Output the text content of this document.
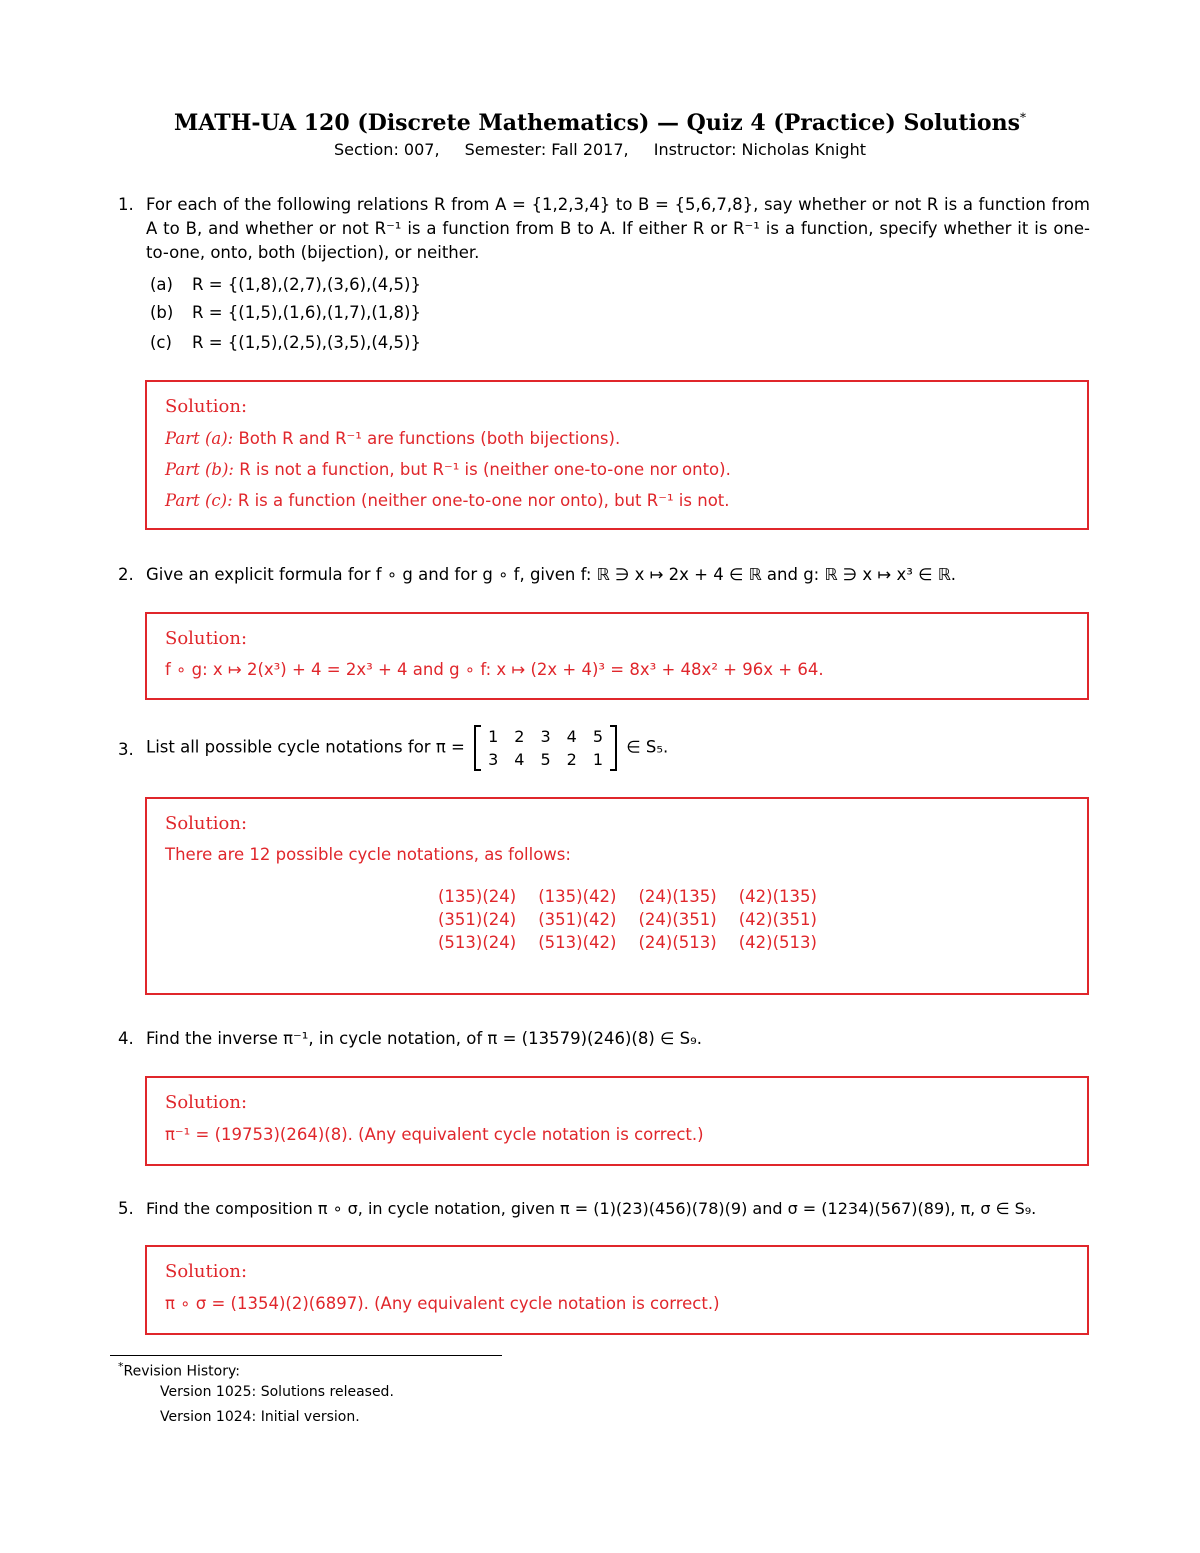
MATH-UA 120 (Discrete Mathematics) — Quiz 4 (Practice) Solutions*
Section: 007, Semester: Fall 2017, Instructor: Nicholas Knight
1. For each of the following relations R from A = {1,2,3,4} to B = {5,6,7,8}, say whether or not R is a function from A to B, and whether or not R⁻¹ is a function from B to A. If either R or R⁻¹ is a function, specify whether it is one-to-one, onto, both (bijection), or neither.
(a) R = {(1,8),(2,7),(3,6),(4,5)}
(b) R = {(1,5),(1,6),(1,7),(1,8)}
(c) R = {(1,5),(2,5),(3,5),(4,5)}
Solution:
Part (a): Both R and R⁻¹ are functions (both bijections).
Part (b): R is not a function, but R⁻¹ is (neither one-to-one nor onto).
Part (c): R is a function (neither one-to-one nor onto), but R⁻¹ is not.
2. Give an explicit formula for f ∘ g and for g ∘ f, given f: ℝ ∋ x ↦ 2x + 4 ∈ ℝ and g: ℝ ∋ x ↦ x³ ∈ ℝ.
Solution:
f ∘ g: x ↦ 2(x³) + 4 = 2x³ + 4 and g ∘ f: x ↦ (2x + 4)³ = 8x³ + 48x² + 96x + 64.
3. List all possible cycle notations for π =
1	2	3	4	5
3	4	5	2	1
∈ S₅.
Solution:
There are 12 possible cycle notations, as follows:
(135)(24)	(135)(42)	(24)(135)	(42)(135)
(351)(24)	(351)(42)	(24)(351)	(42)(351)
(513)(24)	(513)(42)	(24)(513)	(42)(513)
4. Find the inverse π⁻¹, in cycle notation, of π = (13579)(246)(8) ∈ S₉.
Solution:
π⁻¹ = (19753)(264)(8). (Any equivalent cycle notation is correct.)
5. Find the composition π ∘ σ, in cycle notation, given π = (1)(23)(456)(78)(9) and σ = (1234)(567)(89), π, σ ∈ S₉.
Solution:
π ∘ σ = (1354)(2)(6897). (Any equivalent cycle notation is correct.)
*Revision History:
Version 1025: Solutions released.
Version 1024: Initial version.
